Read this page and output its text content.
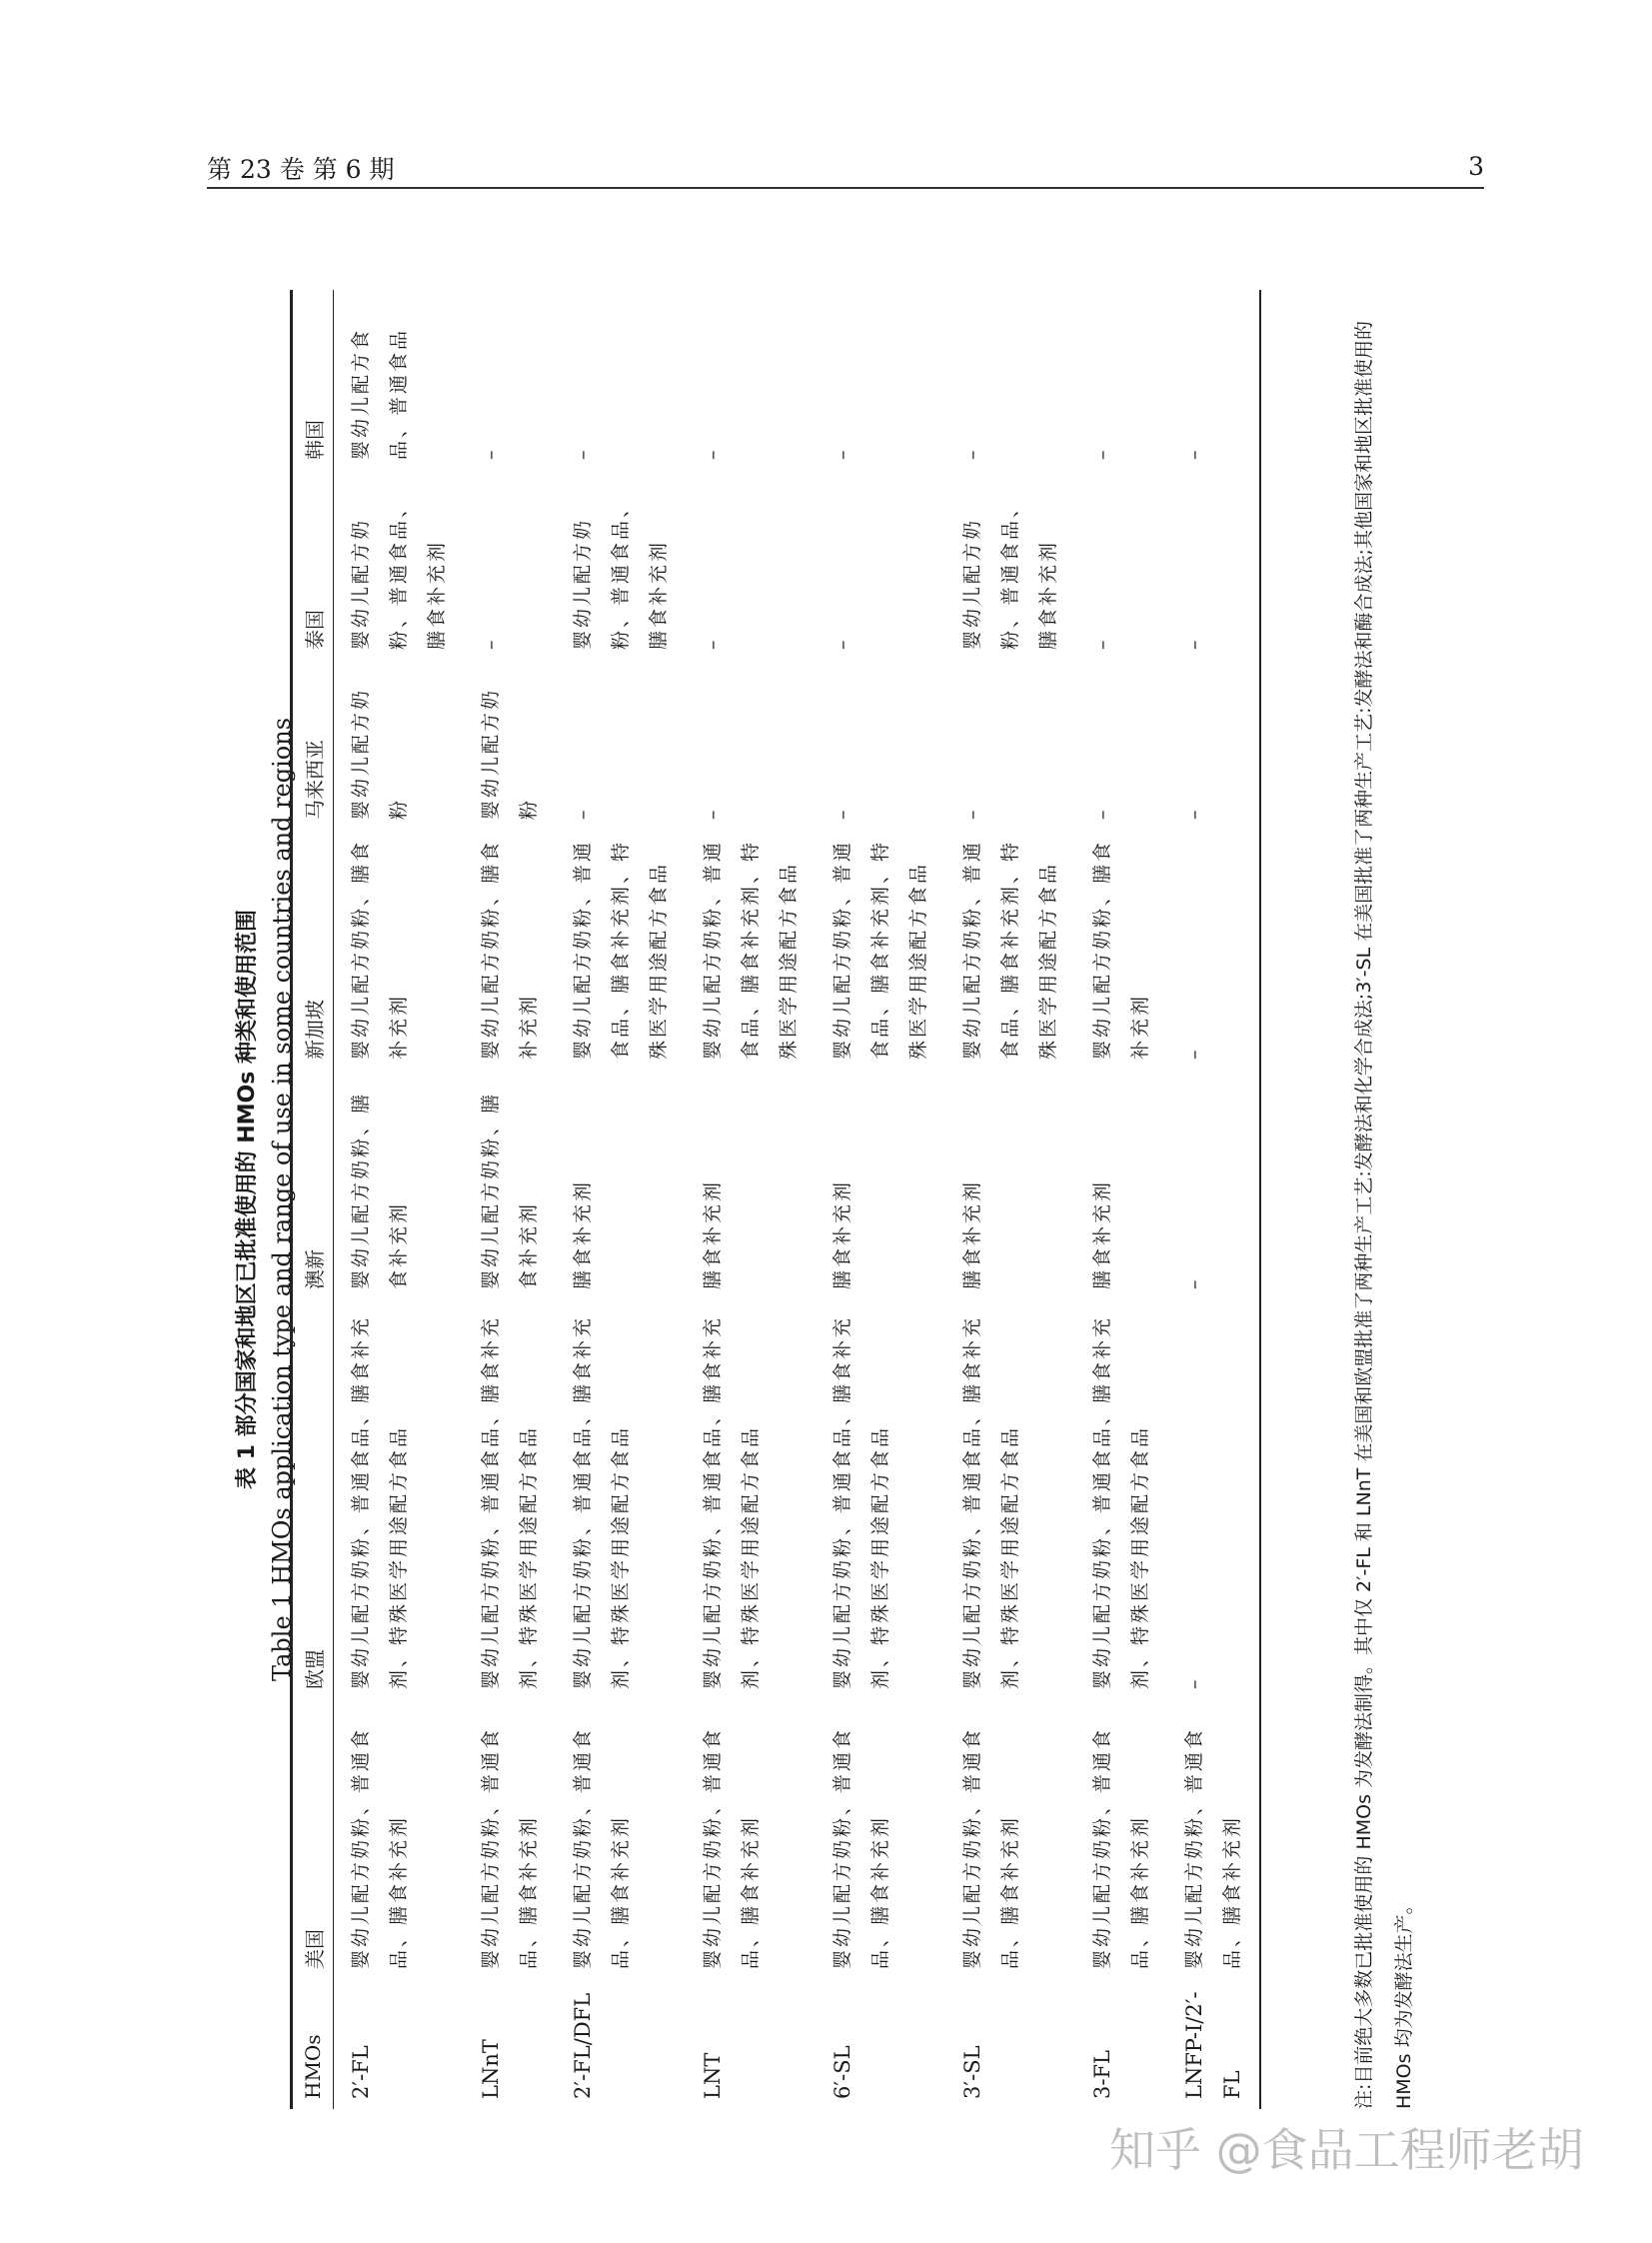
第 23 卷 第 6 期	3
表 1 部分国家和地区已批准使用的 HMOs 种类和使用范围 Table 1 HMOs application type and range of use in some countries and regions
HMOs	美国	欧盟	澳新	新加坡	马来西亚	泰国	韩国
2′-FL	婴幼儿配方奶粉、普通食品、膳食补充剂	婴幼儿配方奶粉、普通食品、膳食补充剂、特殊医学用途配方食品	婴幼儿配方奶粉、膳食补充剂	婴幼儿配方奶粉、膳食补充剂	婴幼儿配方奶粉	婴幼儿配方奶粉、普通食品、膳食补充剂	婴幼儿配方食品、普通食品
LNnT	婴幼儿配方奶粉、普通食品、膳食补充剂	婴幼儿配方奶粉、普通食品、膳食补充剂、特殊医学用途配方食品	婴幼儿配方奶粉、膳食补充剂	婴幼儿配方奶粉、膳食补充剂	婴幼儿配方奶粉	–	–
2′-FL/DFL	婴幼儿配方奶粉、普通食品、膳食补充剂	婴幼儿配方奶粉、普通食品、膳食补充剂、特殊医学用途配方食品	膳食补充剂	婴幼儿配方奶粉、普通食品、膳食补充剂、特殊医学用途配方食品	–	婴幼儿配方奶粉、普通食品、膳食补充剂	–
LNT	婴幼儿配方奶粉、普通食品、膳食补充剂	婴幼儿配方奶粉、普通食品、膳食补充剂、特殊医学用途配方食品	膳食补充剂	婴幼儿配方奶粉、普通食品、膳食补充剂、特殊医学用途配方食品	–	–	–
6′-SL	婴幼儿配方奶粉、普通食品、膳食补充剂	婴幼儿配方奶粉、普通食品、膳食补充剂、特殊医学用途配方食品	膳食补充剂	婴幼儿配方奶粉、普通食品、膳食补充剂、特殊医学用途配方食品	–	–	–
3′-SL	婴幼儿配方奶粉、普通食品、膳食补充剂	婴幼儿配方奶粉、普通食品、膳食补充剂、特殊医学用途配方食品	膳食补充剂	婴幼儿配方奶粉、普通食品、膳食补充剂、特殊医学用途配方食品	–	婴幼儿配方奶粉、普通食品、膳食补充剂	–
3-FL	婴幼儿配方奶粉、普通食品、膳食补充剂	婴幼儿配方奶粉、普通食品、膳食补充剂、特殊医学用途配方食品	膳食补充剂	婴幼儿配方奶粉、膳食补充剂	–	–	–
LNFP-I/2′-FL	婴幼儿配方奶粉、普通食品、膳食补充剂	–	–	–	–	–	–	注:目前绝大多数已批准使用的 HMOs 为发酵法制得。其中仅 2′-FL 和 LNnT 在美国和欧盟批准了两种生产工艺:发酵法和化学合成法;3′-SL 在美国批准了两种生产工艺:发酵法和酶合成法;其他国家和地区批准使用的 HMOs 均为发酵法生产。
知乎 @食品工程师老胡
